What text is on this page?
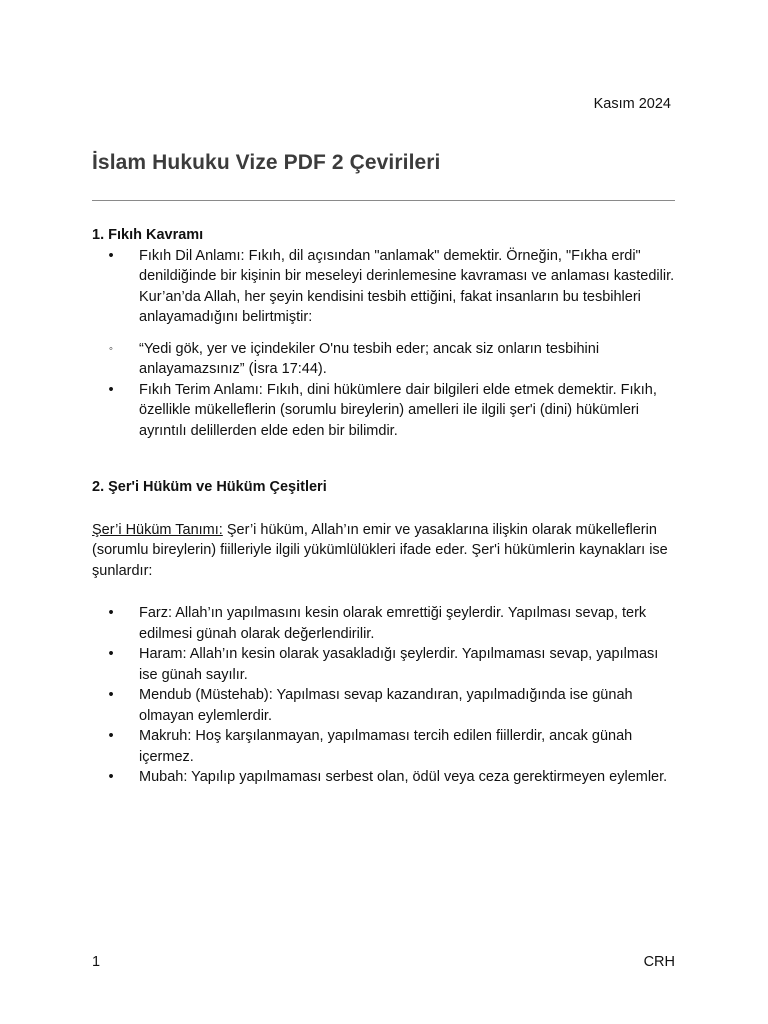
Kasım 2024
İslam Hukuku Vize PDF 2 Çevirileri

1. Fıkıh Kavramı

•	Fıkıh Dil Anlamı: Fıkıh, dil açısından "anlamak" demektir. Örneğin, "Fıkha erdi" denildiğinde bir kişinin bir meseleyi derinlemesine kavraması ve anlaması kastedilir. Kur’an’da Allah, her şeyin kendisini tesbih ettiğini, fakat insanların bu tesbihleri anlayamadığını belirtmiştir:
◦	“Yedi gök, yer ve içindekiler O'nu tesbih eder; ancak siz onların tesbihini anlayamazsınız” (İsra 17:44).
•	Fıkıh Terim Anlamı: Fıkıh, dini hükümlere dair bilgileri elde etmek demektir. Fıkıh, özellikle mükelleflerin (sorumlu bireylerin) amelleri ile ilgili şer'i (dini) hükümleri ayrıntılı delillerden elde eden bir bilimdir.

2. Şer'i Hüküm ve Hüküm Çeşitleri

Şer’i Hüküm Tanımı: Şer’i hüküm, Allah’ın emir ve yasaklarına ilişkin olarak mükelleflerin (sorumlu bireylerin) fiilleriyle ilgili yükümlülükleri ifade eder. Şer'i hükümlerin kaynakları ise şunlardır:

•	Farz: Allah’ın yapılmasını kesin olarak emrettiği şeylerdir. Yapılması sevap, terk edilmesi günah olarak değerlendirilir.
•	Haram: Allah’ın kesin olarak yasakladığı şeylerdir. Yapılmaması sevap, yapılması ise günah sayılır.
•	Mendub (Müstehab): Yapılması sevap kazandıran, yapılmadığında ise günah olmayan eylemlerdir.
•	Makruh: Hoş karşılanmayan, yapılmaması tercih edilen fiillerdir, ancak günah içermez.
•	Mubah: Yapılıp yapılmaması serbest olan, ödül veya ceza gerektirmeyen eylemler.
1	CRH
